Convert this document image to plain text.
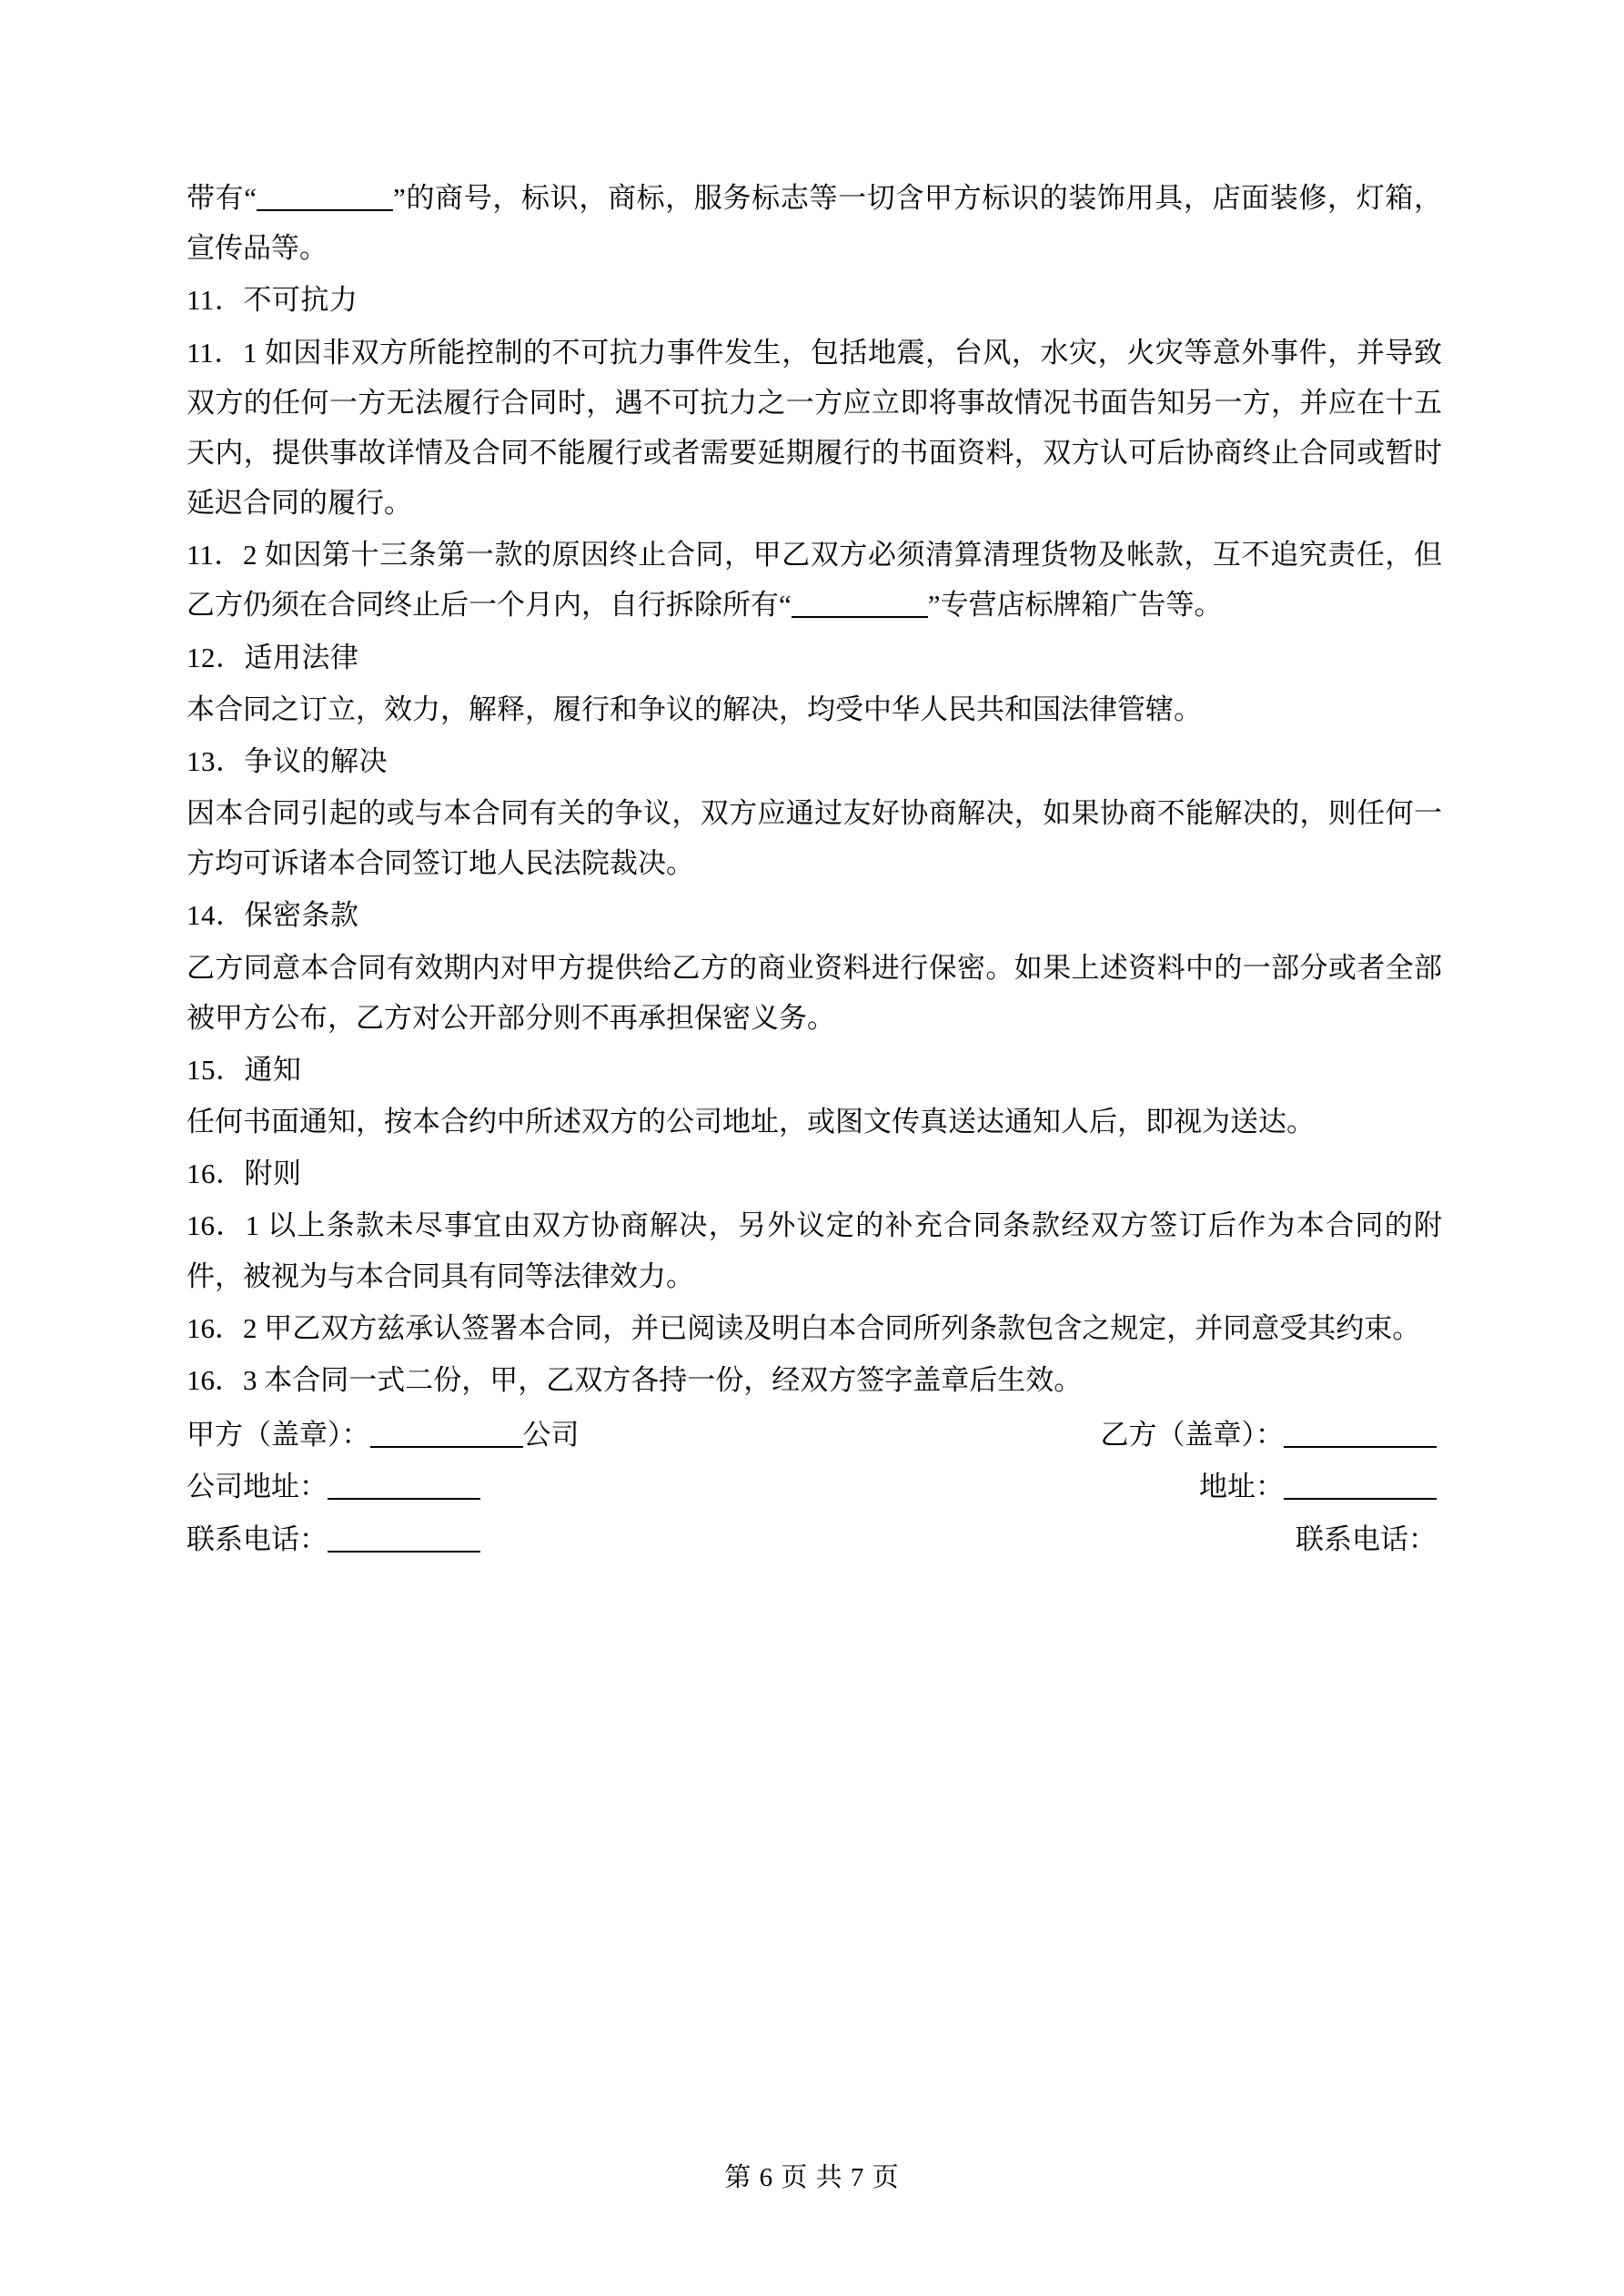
带有“	”的商号，标识，商标，服务标志等一切含甲方标识的装饰用具，店面装修，灯箱，宣传品等。
11．不可抗力
11．1 如因非双方所能控制的不可抗力事件发生，包括地震，台风，水灾，火灾等意外事件，并导致双方的任何一方无法履行合同时，遇不可抗力之一方应立即将事故情况书面告知另一方，并应在十五天内，提供事故详情及合同不能履行或者需要延期履行的书面资料，双方认可后协商终止合同或暂时延迟合同的履行。
11．2 如因第十三条第一款的原因终止合同，甲乙双方必须清算清理货物及帐款，互不追究责任，但乙方仍须在合同终止后一个月内，自行拆除所有“	”专营店标牌箱广告等。
12．适用法律
本合同之订立，效力，解释，履行和争议的解决，均受中华人民共和国法律管辖。
13．争议的解决
因本合同引起的或与本合同有关的争议，双方应通过友好协商解决，如果协商不能解决的，则任何一方均可诉诸本合同签订地人民法院裁决。
14．保密条款
乙方同意本合同有效期内对甲方提供给乙方的商业资料进行保密。如果上述资料中的一部分或者全部被甲方公布，乙方对公开部分则不再承担保密义务。
15．通知
任何书面通知，按本合约中所述双方的公司地址，或图文传真送达通知人后，即视为送达。
16．附则
16．1 以上条款未尽事宜由双方协商解决，另外议定的补充合同条款经双方签订后作为本合同的附件，被视为与本合同具有同等法律效力。
16．2 甲乙双方兹承认签署本合同，并已阅读及明白本合同所列条款包含之规定，并同意受其约束。
16．3 本合同一式二份，甲，乙双方各持一份，经双方签字盖章后生效。
甲方（盖章）：	公司	乙方（盖章）：
公司地址：	地址：
联系电话：	联系电话：
第 6 页 共 7 页
